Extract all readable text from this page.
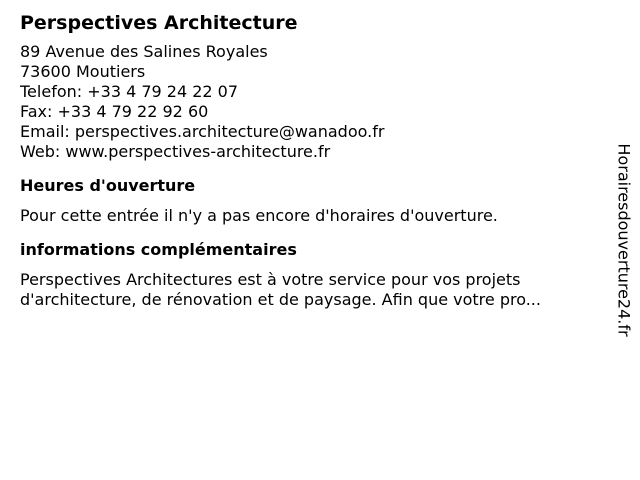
Perspectives Architecture
89 Avenue des Salines Royales
73600 Moutiers
Telefon: +33 4 79 24 22 07
Fax: +33 4 79 22 92 60
Email: perspectives.architecture@wanadoo.fr
Web: www.perspectives-architecture.fr
Heures d'ouverture
Pour cette entrée il n'y a pas encore d'horaires d'ouverture.
informations complémentaires
Perspectives Architectures est à votre service pour vos projets
d'architecture, de rénovation et de paysage. Afin que votre pro...	Horairesdouverture24.fr
